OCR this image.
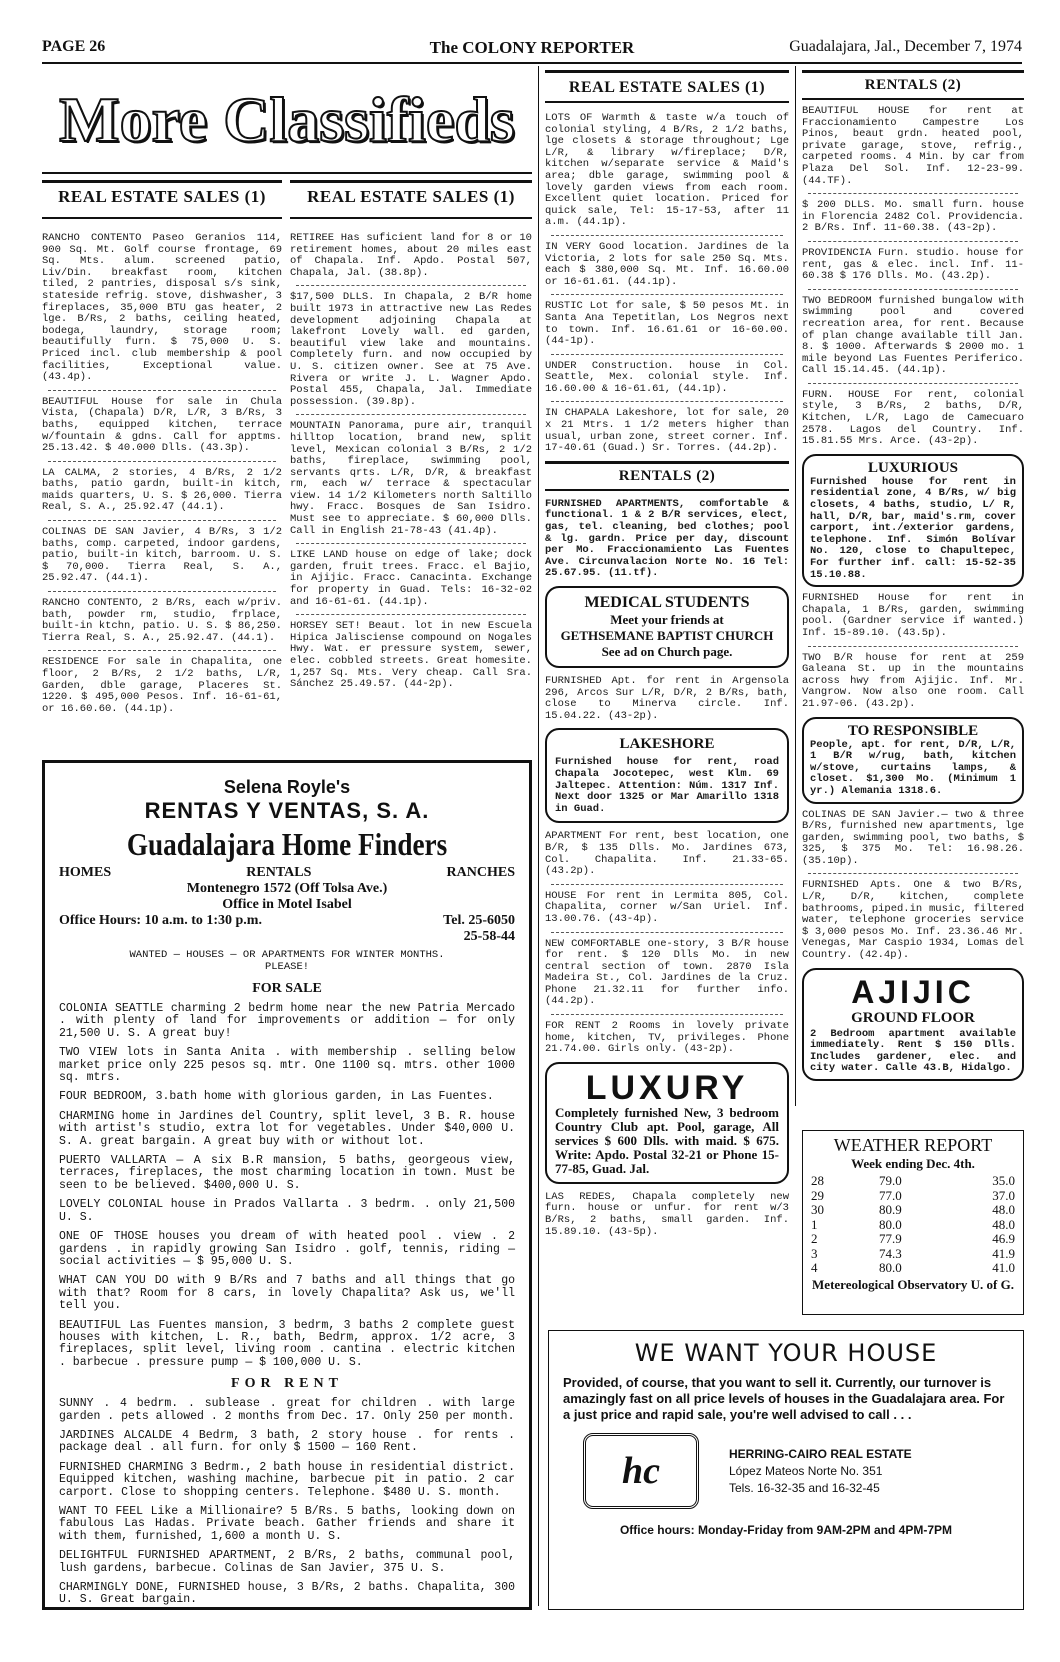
PAGE 26	The COLONY REPORTER	Guadalajara, Jal., December 7, 1974
More Classifieds
REAL ESTATE SALES (1)

RANCHO CONTENTO Paseo Geranios 114, 900 Sq. Mt. Golf course frontage, 69 Sq. Mts. alum. screened patio, Liv/Din. breakfast room, kitchen tiled, 2 pantries, disposal s/s sink, stateside refrig. stove, dishwasher, 3 fireplaces, 35,000 BTU gas heater, 2 lge. B/Rs, 2 baths, ceiling heated, bodega, laundry, storage room; beautifully furn. $ 75,000 U. S. Priced incl. club membership & pool facilities, Exceptional value. (43.4p).

BEAUTIFUL House for sale in Chula Vista, (Chapala) D/R, L/R, 3 B/Rs, 3 baths, equipped kitchen, terrace w/fountain & gdns. Call for apptms. 25.13.42. $ 40.000 Dlls. (43.3p).

LA CALMA, 2 stories, 4 B/Rs, 2 1/2 baths, patio gardn, built-in kitch, maids quarters, U. S. $ 26,000. Tierra Real, S. A., 25.92.47 (44.1).

COLINAS DE SAN Javier, 4 B/Rs, 3 1/2 baths, comp. carpeted, indoor gardens, patio, built-in kitch, barroom. U. S. $ 70,000. Tierra Real, S. A., 25.92.47. (44.1).

RANCHO CONTENTO, 2 B/Rs, each w/priv. bath, powder rm, studio, frplace, built-in ktchn, patio. U. S. $ 86,250. Tierra Real, S. A., 25.92.47. (44.1).

RESIDENCE For sale in Chapalita, one floor, 2 B/Rs, 2 1/2 baths, L/R, Garden, dble garage, Placeres St. 1220. $ 495,000 Pesos. Inf. 16-61-61, or 16.60.60. (44.1p).

REAL ESTATE SALES (1)

RETIREE Has suficient land for 8 or 10 retirement homes, about 20 miles east of Chapala. Inf. Apdo. Postal 507, Chapala, Jal. (38.8p).

$17,500 DLLS. In Chapala, 2 B/R home built 1973 in attractive new Las Redes development adjoining Chapala at lakefront Lovely wall. ed garden, beautiful view lake and mountains. Completely furn. and now occupied by U. S. citizen owner. See at 75 Ave. Rivera or write J. L. Wagner Apdo. Postal 455, Chapala, Jal. Immediate possession. (39.8p).

MOUNTAIN Panorama, pure air, tranquil hilltop location, brand new, split level, Mexican colonial 3 B/Rs, 2 1/2 baths, fireplace, swimming pool, servants qrts. L/R, D/R, & breakfast rm, each w/ terrace & spectacular view. 14 1/2 Kilometers north Saltillo hwy. Fracc. Bosques de San Isidro. Must see to appreciate. $ 60,000 Dlls. Call in English 21-78-43 (41.4p).

LIKE LAND house on edge of lake; dock garden, fruit trees. Fracc. el Bajio, in Ajijic. Fracc. Canacinta. Exchange for property in Guad. Tels: 16-32-02 and 16-61-61. (44.1p).

HORSEY SET! Beaut. lot in new Escuela Hipica Jalisciense compound on Nogales Hwy. Wat. er pressure system, sewer, elec. cobbled streets. Great homesite. 1,257 Sq. Mts. Very cheap. Call Sra. Sánchez 25.49.57. (44-2p).

Selena Royle's
RENTAS Y VENTAS, S. A.
Guadalajara Home Finders
HOMES	RENTALS	RANCHES
Montenegro 1572 (Off Tolsa Ave.)
Office in Motel Isabel
Office Hours: 10 a.m. to 1:30 p.m.	Tel. 25-6050 25-58-44
WANTED — HOUSES — OR APARTMENTS FOR WINTER MONTHS. PLEASE!
FOR SALE

COLONIA SEATTLE charming 2 bedrm home near the new Patria Mercado . with plenty of land for improvements or addition — for only 21,500 U. S. A great buy!

TWO VIEW lots in Santa Anita . with membership . selling below market price only 225 pesos sq. mtr. One 1100 sq. mtrs. other 1000 sq. mtrs.

FOUR BEDROOM, 3.bath home with glorious garden, in Las Fuentes.

CHARMING home in Jardines del Country, split level, 3 B. R. house with artist's studio, extra lot for vegetables. Under $40,000 U. S. A. great bargain. A great buy with or without lot.

PUERTO VALLARTA — A six B.R mansion, 5 baths, georgeous view, terraces, fireplaces, the most charming location in town. Must be seen to be believed. $400,000 U. S.

LOVELY COLONIAL house in Prados Vallarta . 3 bedrm. . only 21,500 U. S.

ONE OF THOSE houses you dream of with heated pool . view . 2 gardens . in rapidly growing San Isidro . golf, tennis, riding — social activities — $ 95,000 U. S.

WHAT CAN YOU DO with 9 B/Rs and 7 baths and all things that go with that? Room for 8 cars, in lovely Chapalita? Ask us, we'll tell you.

BEAUTIFUL Las Fuentes mansion, 3 bedrm, 3 baths 2 complete guest houses with kitchen, L. R., bath, Bedrm, approx. 1/2 acre, 3 fireplaces, split level, living room . cantina . electric kitchen . barbecue . pressure pump — $ 100,000 U. S.

FOR RENT

SUNNY . 4 bedrm. . sublease . great for children . with large garden . pets allowed . 2 months from Dec. 17. Only 250 per month.

JARDINES ALCALDE 4 Bedrm, 3 bath, 2 story house . for rents . package deal . all furn. for only $ 1500 — 160 Rent.

FURNISHED CHARMING 3 Bedrm., 2 bath house in residential district. Equipped kitchen, washing machine, barbecue pit in patio. 2 car carport. Close to shopping centers. Telephone. $480 U. S. month.

WANT TO FEEL Like a Millionaire? 5 B/Rs. 5 baths, looking down on fabulous Las Hadas. Private beach. Gather friends and share it with them, furnished, 1,600 a month U. S.

DELIGHTFUL FURNISHED APARTMENT, 2 B/Rs, 2 baths, communal pool, lush gardens, barbecue. Colinas de San Javier, 375 U. S.

CHARMINGLY DONE, FURNISHED house, 3 B/Rs, 2 baths. Chapalita, 300 U. S. Great bargain.

REAL ESTATE SALES (1)

LOTS OF Warmth & taste w/a touch of colonial styling, 4 B/Rs, 2 1/2 baths, lge closets & storage throughout; Lge L/R, & library w/fireplace; D/R, kitchen w/separate service & Maid's area; dble garage, swimming pool & lovely garden views from each room. Excellent quiet location. Priced for quick sale, Tel: 15-17-53, after 11 a.m. (44.1p).

IN VERY Good location. Jardines de la Victoria, 2 lots for sale 250 Sq. Mts. each $ 380,000 Sq. Mt. Inf. 16.60.00 or 16-61.61. (44.1p).

RUSTIC Lot for sale, $ 50 pesos Mt. in Santa Ana Tepetitlan, Los Negros next to town. Inf. 16.61.61 or 16-60.00. (44-1p).

UNDER Construction. house in Col. Seattle, Mex. colonial style. Inf. 16.60.00 & 16-61.61, (44.1p).

IN CHAPALA Lakeshore, lot for sale, 20 x 21 Mtrs. 1 1/2 meters higher than usual, urban zone, street corner. Inf. 17-40.61 (Guad.) Sr. Torres. (44.2p).

RENTALS (2)

FURNISHED APARTMENTS, comfortable & functional. 1 & 2 B/R services, elect, gas, tel. cleaning, bed clothes; pool & lg. gardn. Price per day, discount per Mo. Fraccionamiento Las Fuentes Ave. Circunvalacion Norte No. 16 Tel: 25.67.95. (11.tf).

MEDICAL STUDENTS
Meet your friends at
GETHSEMANE BAPTIST CHURCH
See ad on Church page.

FURNISHED Apt. for rent in Argensola 296, Arcos Sur L/R, D/R, 2 B/Rs, bath, close to Minerva circle. Inf. 15.04.22. (43-2p).

LAKESHORE
Furnished house for rent, road Chapala Jocotepec, west Klm. 69 Jaltepec. Attention: Núm. 1317 Inf. Next door 1325 or Mar Amarillo 1318 in Guad.

APARTMENT For rent, best location, one B/R, $ 135 Dlls. Mo. Jardines 673, Col. Chapalita. Inf. 21.33-65. (43.2p).

HOUSE For rent in Lermita 805, Col. Chapalita, corner w/San Uriel. Inf. 13.00.76. (43-4p).

NEW COMFORTABLE one-story, 3 B/R house for rent. $ 120 Dlls Mo. in new central section of town. 2870 Isla Madeira St., Col. Jardines de la Cruz. Phone 21.32.11 for further info. (44.2p).

FOR RENT 2 Rooms in lovely private home, kitchen, TV, privileges. Phone 21.74.00. Girls only. (43-2p).

LUXURY
Completely furnished New, 3 bedroom Country Club apt. Pool, garage, All services $ 600 Dlls. with maid. $ 675. Write: Apdo. Postal 32-21 or Phone 15-77-85, Guad. Jal.

LAS REDES, Chapala completely new furn. house or unfur. for rent w/3 B/Rs, 2 baths, small garden. Inf. 15.89.10. (43-5p).

RENTALS (2)

BEAUTIFUL HOUSE for rent at Fraccionamiento Campestre Los Pinos, beaut grdn. heated pool, private garage, stove, refrig., carpeted rooms. 4 Min. by car from Plaza Del Sol. Inf. 12-23-99. (44.TF).

$ 200 DLLS. Mo. small furn. house in Florencia 2482 Col. Providencia. 2 B/Rs. Inf. 11-60.38. (43-2p).

PROVIDENCIA Furn. studio. house for rent, gas & elec. incl. Inf. 11-60.38 $ 176 Dlls. Mo. (43.2p).

TWO BEDROOM furnished bungalow with swimming pool and covered recreation area, for rent. Because of plan change available till Jan. 8. $ 1000. Afterwards $ 2000 mo. 1 mile beyond Las Fuentes Periferico. Call 15.14.45. (44.1p).

FURN. HOUSE For rent, colonial style, 3 B/Rs, 2 baths, D/R, Kitchen, L/R, Lago de Camecuaro 2578. Lagos del Country. Inf. 15.81.55 Mrs. Arce. (43-2p).

LUXURIOUS
Furnished house for rent in residential zone, 4 B/Rs, w/ big closets, 4 baths, studio, L/ R, hall, D/R, bar, maid's.rm, cover carport, int./exterior gardens, telephone. Inf. Simón Bolívar No. 120, close to Chapultepec, For further inf. call: 15-52-35 15.10.88.

FURNISHED House for rent in Chapala, 1 B/Rs, garden, swimming pool. (Gardner service if wanted.) Inf. 15-89.10. (43.5p).

TWO B/R house for rent at 259 Galeana St. up in the mountains across hwy from Ajijic. Inf. Mr. Vangrow. Now also one room. Call 21.97-06. (43.2p).

TO RESPONSIBLE
People, apt. for rent, D/R, L/R, 1 B/R w/rug, bath, kitchen w/stove, curtains lamps, & closet. $1,300 Mo. (Minimum 1 yr.) Alemania 1318.6.

COLINAS DE SAN Javier.— two & three B/Rs, furnished new apartments, lge garden, swimming pool, two baths, $ 325, $ 375 Mo. Tel: 16.98.26. (35.10p).

FURNISHED Apts. One & two B/Rs, L/R, D/R, kitchen, complete bathrooms, piped.in music, filtered water, telephone groceries service $ 3,000 pesos Mo. Inf. 23.36.46 Mr. Venegas, Mar Caspio 1934, Lomas del Country. (42.4p).

AJIJIC
GROUND FLOOR
2 Bedroom apartment available immediately. Rent $ 150 Dlls. Includes gardener, elec. and city water. Calle 43.B, Hidalgo.
WEATHER REPORT
Week ending Dec. 4th.
28	79.0	35.0
29	77.0	37.0
30	80.9	48.0
1	80.0	48.0
2	77.9	46.9
3	74.3	41.9
4	80.0	41.0
Metereological Observatory U. of G.
WE WANT YOUR HOUSE
Provided, of course, that you want to sell it. Currently, our turnover is amazingly fast on all price levels of houses in the Guadalajara area. For a just price and rapid sale, you're well advised to call . . .
hc	HERRING-CAIRO REAL ESTATE
López Mateos Norte No. 351
Tels. 16-32-35 and 16-32-45
Office hours: Monday-Friday from 9AM-2PM and 4PM-7PM
